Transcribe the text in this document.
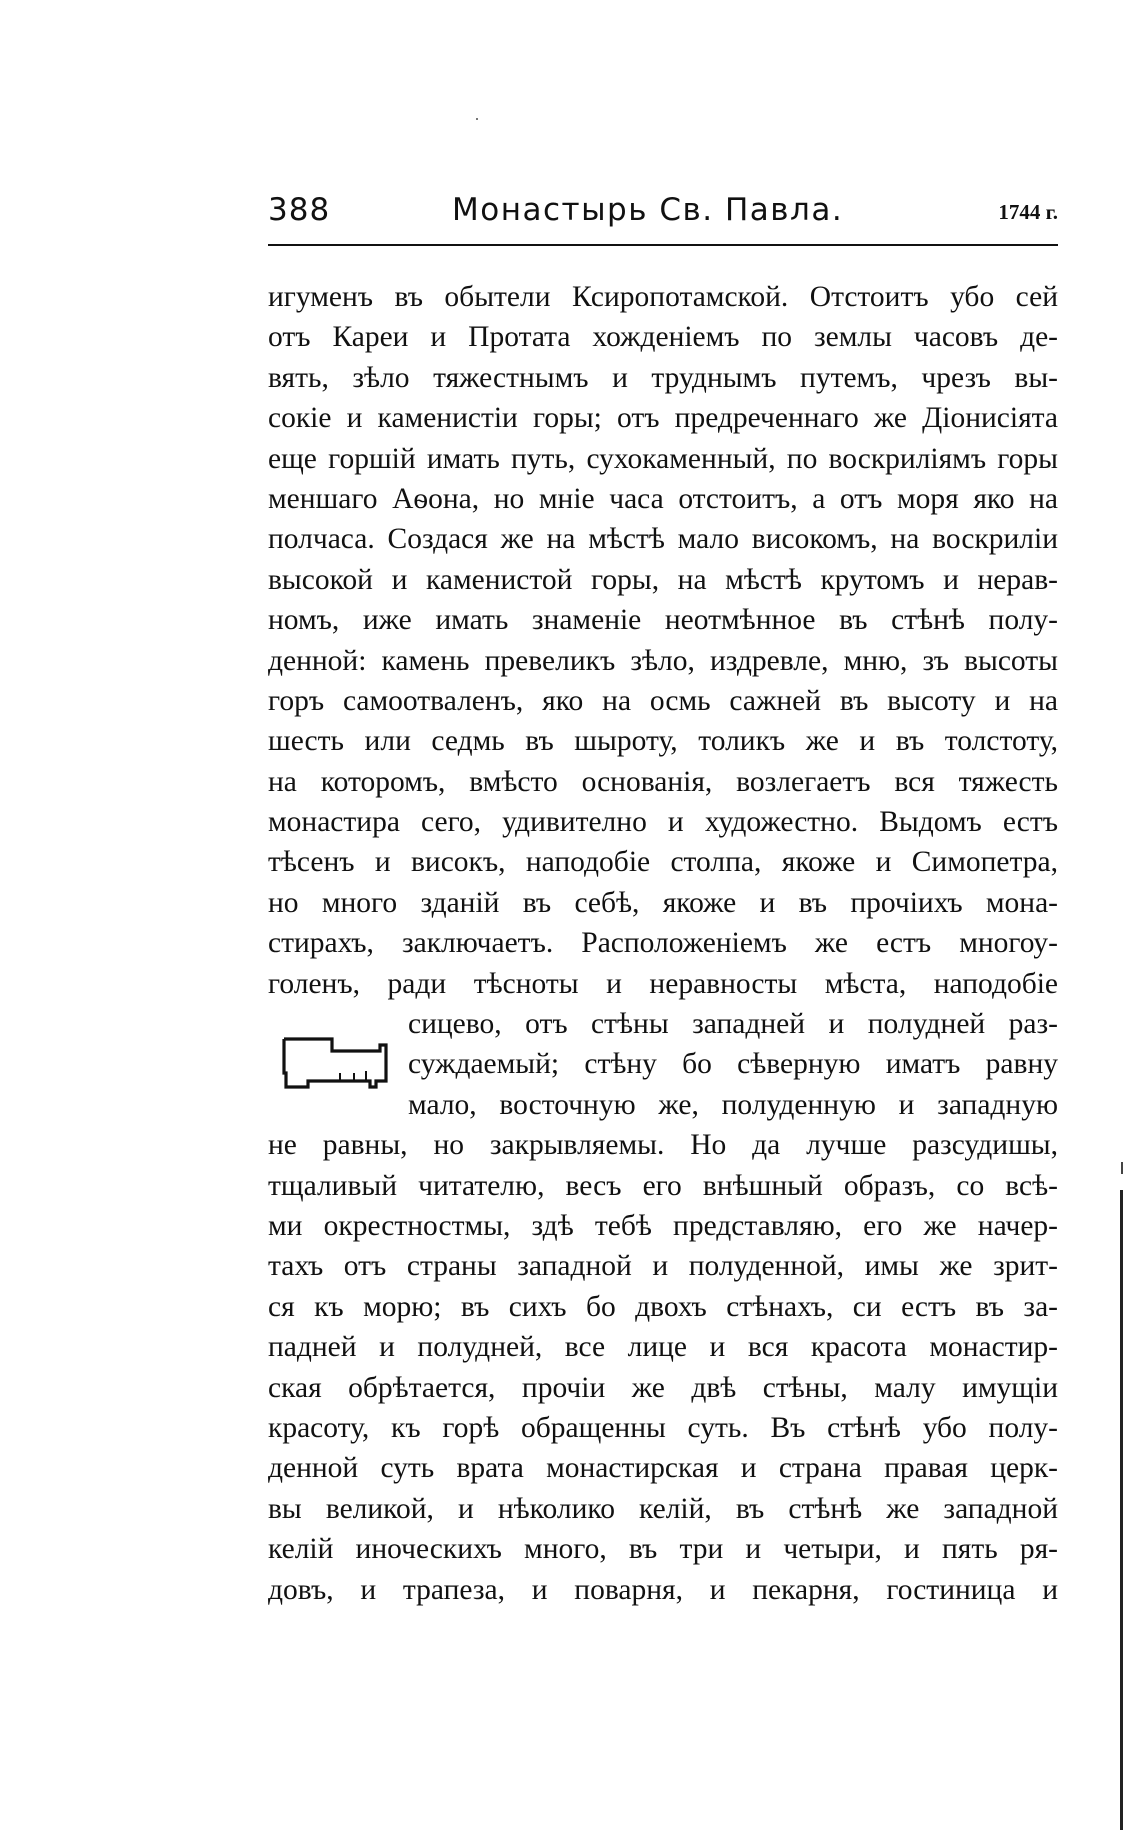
388	Монастырь Св. Павла.	1744 г.
игуменъ въ обытели Ксиропотамской. Отстоитъ убо сей
отъ Кареи и Протата хожденіемъ по землы часовъ де-
вять, зѣло тяжестнымъ и труднымъ путемъ, чрезъ вы-
сокіе и каменистіи горы; отъ предреченнаго же Діонисіята
еще горшій имать путь, сухокаменный, по воскриліямъ горы
меншаго Аѳона, но мніе часа отстоитъ, а отъ моря яко на
полчаса. Создася же на мѣстѣ мало високомъ, на воскриліи
высокой и каменистой горы, на мѣстѣ крутомъ и нерав-
номъ, иже имать знаменіе неотмѣнное въ стѣнѣ полу-
денной: камень превеликъ зѣло, издревле, мню, зъ высоты
горъ самоотваленъ, яко на осмь сажней въ высоту и на
шесть или седмь въ шыроту, толикъ же и въ толстоту,
на которомъ, вмѣсто основанія, возлегаетъ вся тяжесть
монастира сего, удивително и художестно. Выдомъ естъ
тѣсенъ и високъ, наподобіе столпа, якоже и Симопетра,
но много зданій въ себѣ, якоже и въ прочіихъ мона-
стирахъ, заключаетъ. Расположеніемъ же естъ многоу-
голенъ, ради тѣсноты и неравносты мѣста, наподобіе
сицево, отъ стѣны западней и полудней раз-
суждаемый; стѣну бо сѣверную иматъ равну
мало, восточную же, полуденную и западную
не равны, но закрывляемы. Но да лучше разсудишы,
тщаливый читателю, весъ его внѣшный образъ, со всѣ-
ми окрестностмы, здѣ тебѣ представляю, его же начер-
тахъ отъ страны западной и полуденной, имы же зрит-
ся къ морю; въ сихъ бо двохъ стѣнахъ, си естъ въ за-
падней и полудней, все лице и вся красота монастир-
ская обрѣтается, прочіи же двѣ стѣны, малу имущіи
красоту, къ горѣ обращенны суть. Въ стѣнѣ убо полу-
денной суть врата монастирская и страна правая церк-
вы великой, и нѣколико келій, въ стѣнѣ же западной
келій иноческихъ много, въ три и четыри, и пять ря-
довъ, и трапеза, и поварня, и пекарня, гостиница и
